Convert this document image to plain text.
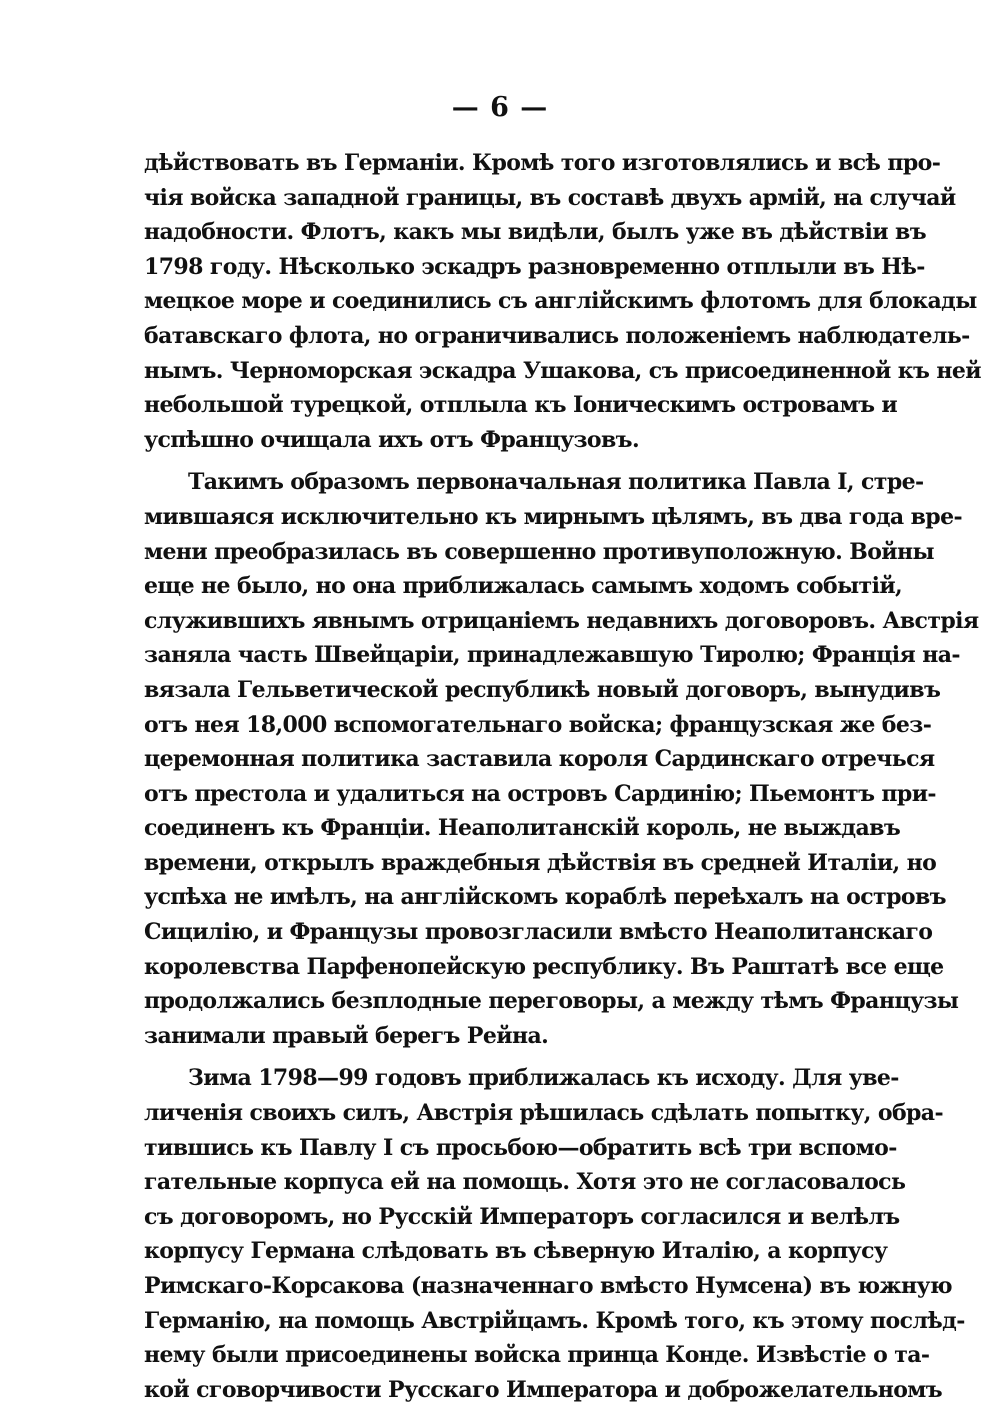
— 6 —
дѣйствовать въ Германіи. Кромѣ того изготовлялись и всѣ про-
чія войска западной границы, въ составѣ двухъ армій, на случай
надобности. Флотъ, какъ мы видѣли, былъ уже въ дѣйствіи въ
1798 году. Нѣсколько эскадръ разновременно отплыли въ Нѣ-
мецкое море и соединились съ англійскимъ флотомъ для блокады
батавскаго флота, но ограничивались положеніемъ наблюдатель-
нымъ. Черноморская эскадра Ушакова, съ присоединенной къ ней
небольшой турецкой, отплыла къ Іоническимъ островамъ и
успѣшно очищала ихъ отъ Французовъ.
Такимъ образомъ первоначальная политика Павла I, стре-
мившаяся исключительно къ мирнымъ цѣлямъ, въ два года вре-
мени преобразилась въ совершенно противуположную. Войны
еще не было, но она приближалась самымъ ходомъ событій,
служившихъ явнымъ отрицаніемъ недавнихъ договоровъ. Австрія
заняла часть Швейцаріи, принадлежавшую Тиролю; Франція на-
вязала Гельветической республикѣ новый договоръ, вынудивъ
отъ нея 18,000 вспомогательнаго войска; французская же без-
церемонная политика заставила короля Сардинскаго отречься
отъ престола и удалиться на островъ Сардинію; Пьемонтъ при-
соединенъ къ Франціи. Неаполитанскій король, не выждавъ
времени, открылъ враждебныя дѣйствія въ средней Италіи, но
успѣха не имѣлъ, на англійскомъ кораблѣ переѣхалъ на островъ
Сицилію, и Французы провозгласили вмѣсто Неаполитанскаго
королевства Парфенопейскую республику. Въ Раштатѣ все еще
продолжались безплодные переговоры, а между тѣмъ Французы
занимали правый берегъ Рейна.
Зима 1798—99 годовъ приближалась къ исходу. Для уве-
личенія своихъ силъ, Австрія рѣшилась сдѣлать попытку, обра-
тившись къ Павлу I съ просьбою—обратить всѣ три вспомо-
гательные корпуса ей на помощь. Хотя это не согласовалось
съ договоромъ, но Русскій Императоръ согласился и велѣлъ
корпусу Германа слѣдовать въ сѣверную Италію, а корпусу
Римскаго-Корсакова (назначеннаго вмѣсто Нумсена) въ южную
Германію, на помощь Австрійцамъ. Кромѣ того, къ этому послѣд-
нему были присоединены войска принца Конде. Извѣстіе о та-
кой сговорчивости Русскаго Императора и доброжелательномъ
